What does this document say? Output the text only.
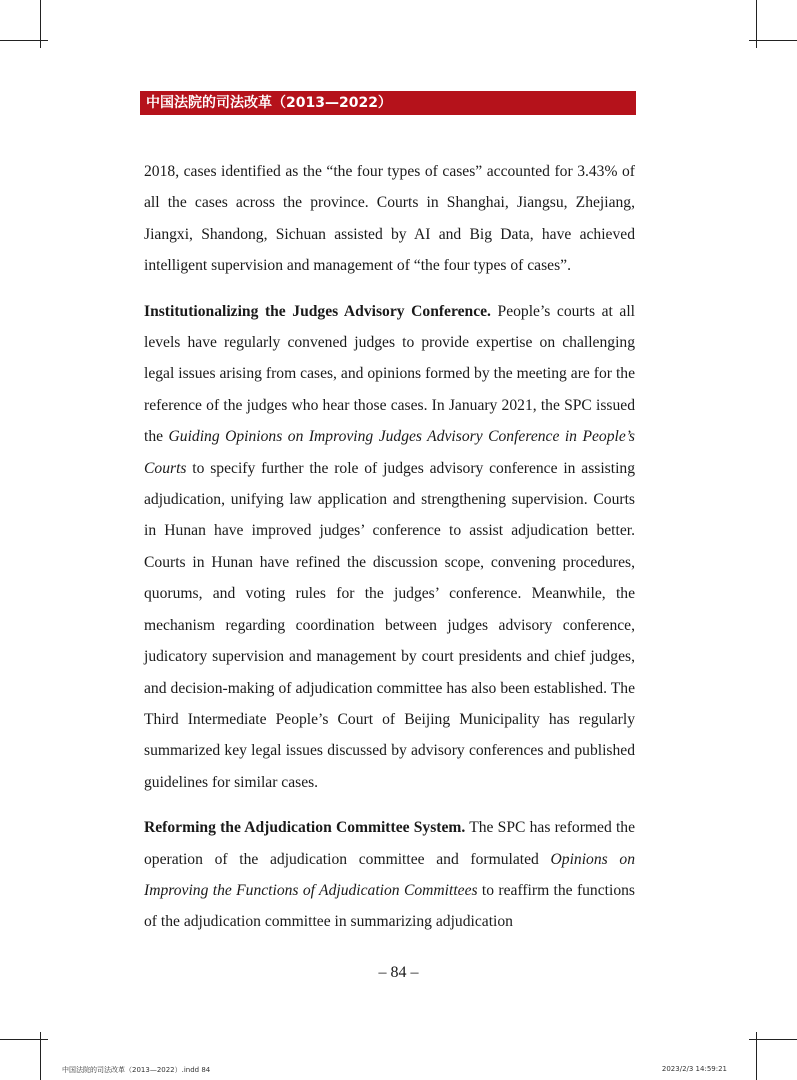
中国法院的司法改革（2013—2022）

2018, cases identified as the “the four types of cases” accounted for 3.43% of all the cases across the province. Courts in Shanghai, Jiangsu, Zhejiang, Jiangxi, Shandong, Sichuan assisted by AI and Big Data, have achieved intelligent supervision and management of “the four types of cases”.

Institutionalizing the Judges Advisory Conference. People’s courts at all levels have regularly convened judges to provide expertise on challenging legal issues arising from cases, and opinions formed by the meeting are for the reference of the judges who hear those cases. In January 2021, the SPC issued the Guiding Opinions on Improving Judges Advisory Conference in People’s Courts to specify further the role of judges advisory conference in assisting adjudication, unifying law application and strengthening supervision. Courts in Hunan have improved judges’ conference to assist adjudication better. Courts in Hunan have refined the discussion scope, convening procedures, quorums, and voting rules for the judges’ conference. Meanwhile, the mechanism regarding coordination between judges advisory conference, judicatory supervision and management by court presidents and chief judges, and decision-making of adjudication committee has also been established. The Third Intermediate People’s Court of Beijing Municipality has regularly summarized key legal issues discussed by advisory conferences and published guidelines for similar cases.

Reforming the Adjudication Committee System. The SPC has reformed the operation of the adjudication committee and formulated Opinions on Improving the Functions of Adjudication Committees to reaffirm the functions of the adjudication committee in summarizing adjudication

– 84 –
中国法院的司法改革（2013—2022）.indd 84	2023/2/3 14:59:21
